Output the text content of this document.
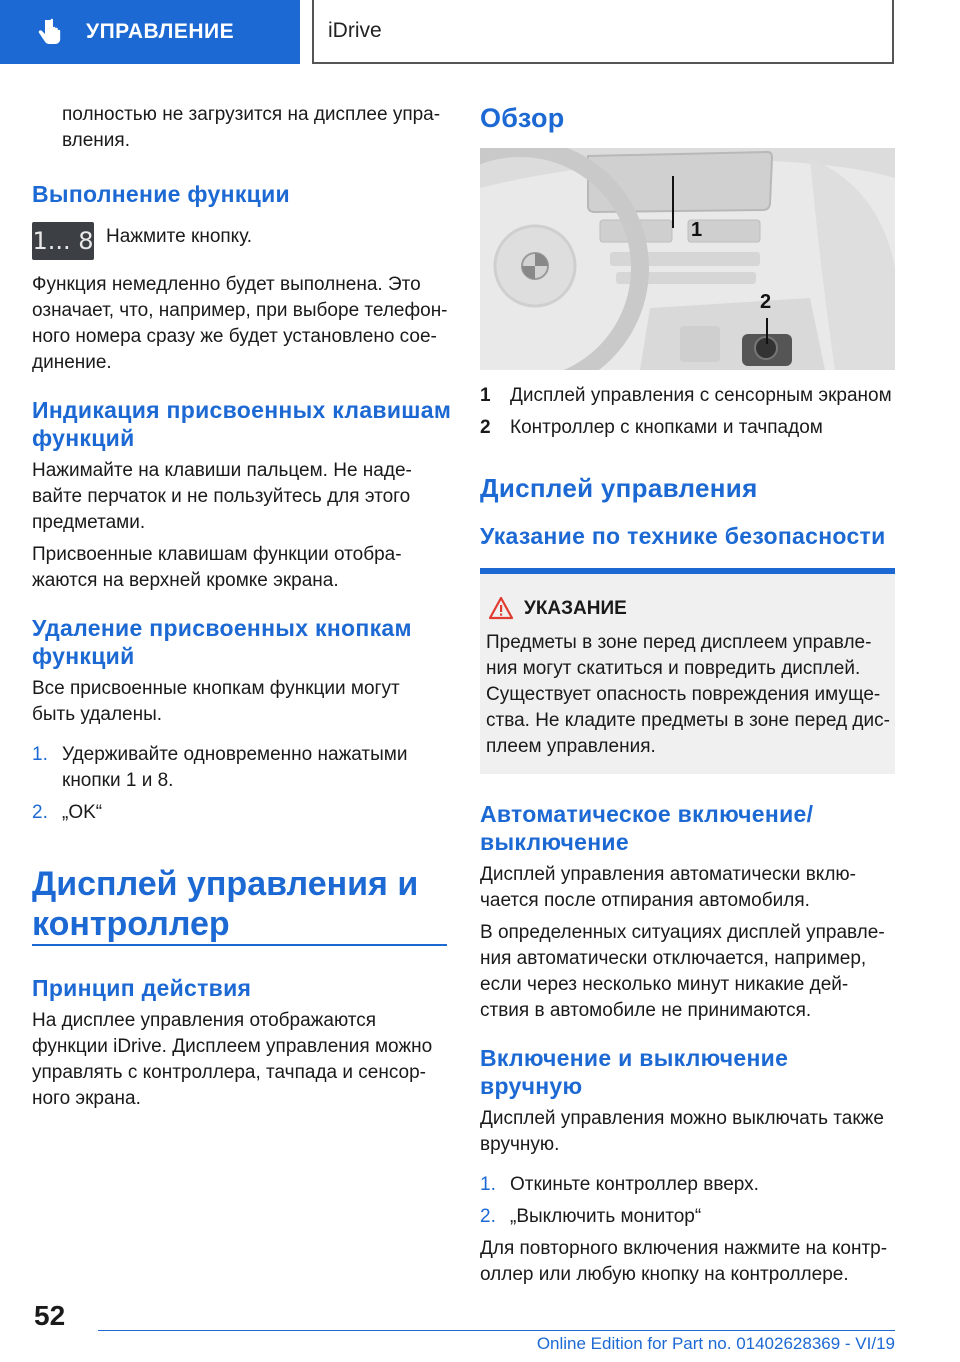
УПРАВЛЕНИЕ	iDrive
полностью не загрузится на дисплее упра-
вления.
Выполнение функции
1... 8 Нажмите кнопку.
Функция немедленно будет выполнена. Это
означает, что, например, при выборе телефон-
ного номера сразу же будет установлено сое-
динение.
Индикация присвоенных клавишам
функций
Нажимайте на клавиши пальцем. Не наде-
вайте перчаток и не пользуйтесь для этого
предметами.
Присвоенные клавишам функции отобра-
жаются на верхней кромке экрана.
Удаление присвоенных кнопкам
функций
Все присвоенные кнопкам функции могут
быть удалены.
1. Удерживайте одновременно нажатыми
кнопки 1 и 8.
2. „OK“
Дисплей управления и
контроллер
Принцип действия
На дисплее управления отображаются
функции iDrive. Дисплеем управления можно
управлять с контроллера, тачпада и сенсор-
ного экрана.
Обзор
1
2
1	Дисплей управления с сенсорным экраном
2	Контроллер с кнопками и тачпадом
Дисплей управления
Указание по технике безопасности
УКАЗАНИЕ
Предметы в зоне перед дисплеем управле-
ния могут скатиться и повредить дисплей.
Существует опасность повреждения имуще-
ства. Не кладите предметы в зоне перед дис-
плеем управления.
Автоматическое включение/
выключение
Дисплей управления автоматически вклю-
чается после отпирания автомобиля.
В определенных ситуациях дисплей управле-
ния автоматически отключается, например,
если через несколько минут никакие дей-
ствия в автомобиле не принимаются.
Включение и выключение
вручную
Дисплей управления можно выключать также
вручную.
1. Откиньте контроллер вверх.
2. „Выключить монитор“
Для повторного включения нажмите на контр-
оллер или любую кнопку на контроллере.
52
Online Edition for Part no. 01402628369 - VI/19
